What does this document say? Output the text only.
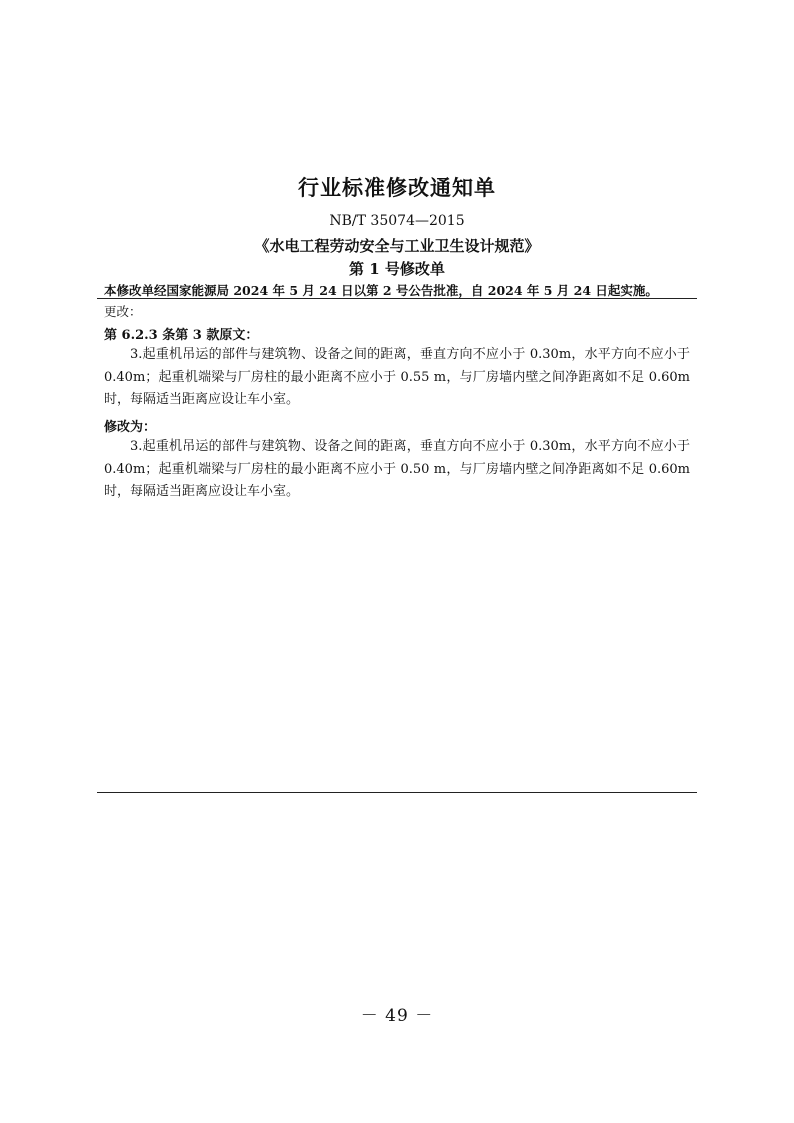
行业标准修改通知单
NB/T 35074—2015
《水电工程劳动安全与工业卫生设计规范》
第 1 号修改单
本修改单经国家能源局 2024 年 5 月 24 日以第 2 号公告批准，自 2024 年 5 月 24 日起实施。
更改：
第 6.2.3 条第 3 款原文：

3.起重机吊运的部件与建筑物、设备之间的距离，垂直方向不应小于 0.30m，水平方向不应小于 0.40m；起重机端梁与厂房柱的最小距离不应小于 0.55 m，与厂房墙内壁之间净距离如不足 0.60m 时，每隔适当距离应设让车小室。

修改为：

3.起重机吊运的部件与建筑物、设备之间的距离，垂直方向不应小于 0.30m，水平方向不应小于 0.40m；起重机端梁与厂房柱的最小距离不应小于 0.50 m，与厂房墙内壁之间净距离如不足 0.60m 时，每隔适当距离应设让车小室。

－ 49 －
